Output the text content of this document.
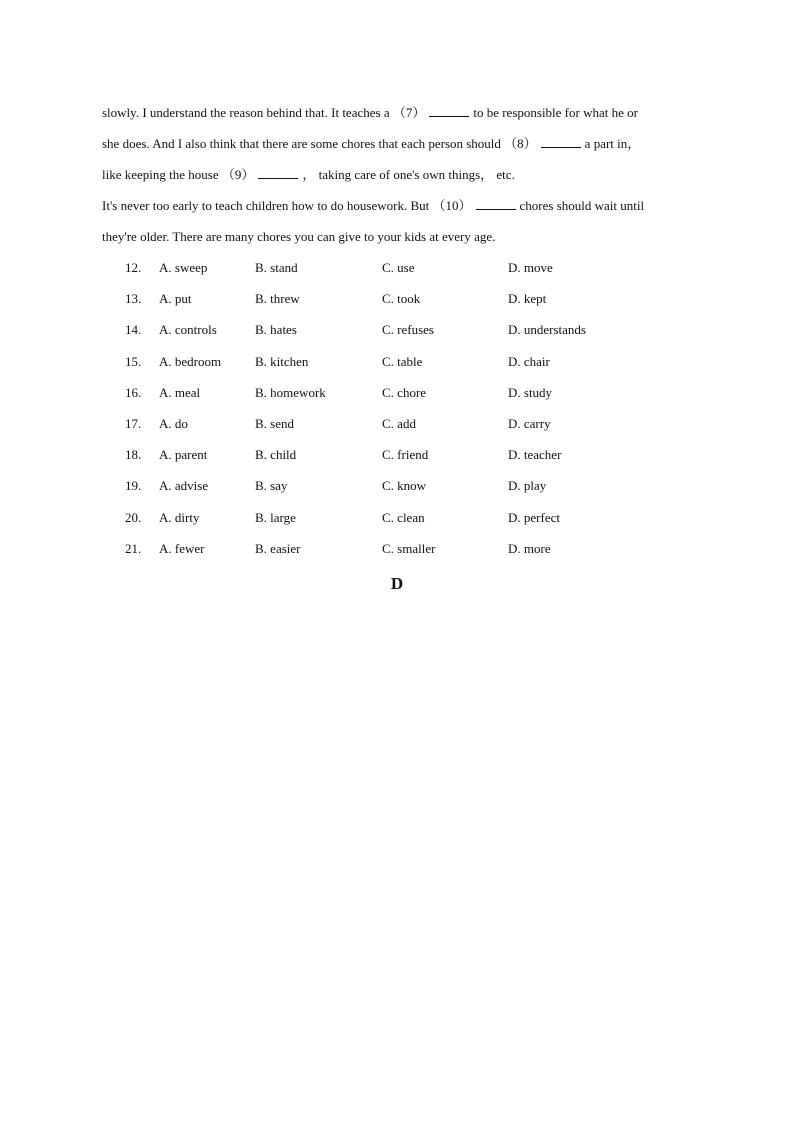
slowly. I understand the reason behind that. It teaches a （7）	to be responsible for what he or
she does. And I also think that there are some chores that each person should （8）	a part in，
like keeping the house （9）	， taking care of one's own things， etc.
It's never too early to teach children how to do housework. But （10）	chores should wait until
they're older. There are many chores you can give to your kids at every age.
12. A. sweep	B. stand	C. use	D. move
13. A. put	B. threw	C. took	D. kept
14. A. controls	B. hates	C. refuses	D. understands
15. A. bedroom	B. kitchen	C. table	D. chair
16. A. meal	B. homework	C. chore	D. study
17. A. do	B. send	C. add	D. carry
18. A. parent	B. child	C. friend	D. teacher
19. A. advise	B. say	C. know	D. play
20. A. dirty	B. large	C. clean	D. perfect
21. A. fewer	B. easier	C. smaller	D. more
D
